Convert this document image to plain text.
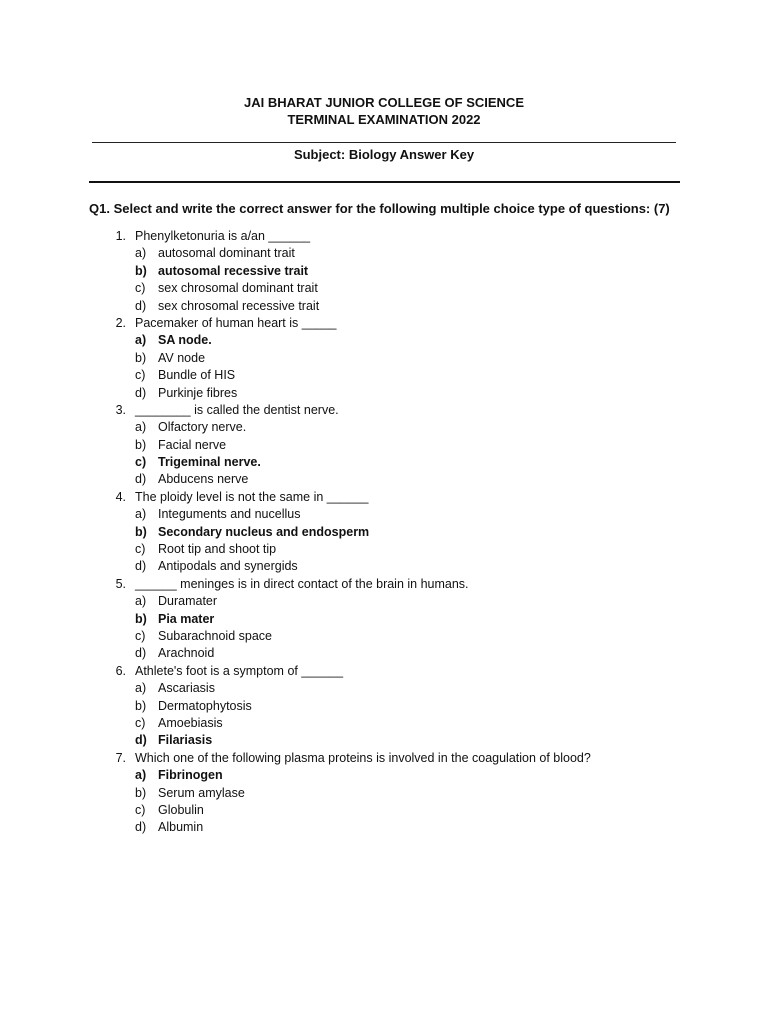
JAI BHARAT JUNIOR COLLEGE OF SCIENCE
TERMINAL EXAMINATION 2022
Subject: Biology Answer Key
Q1. Select and write the correct answer for the following multiple choice type of questions: (7)
1. Phenylketonuria is a/an ______
a) autosomal dominant trait
b) autosomal recessive trait
c) sex chrosomal dominant trait
d) sex chrosomal recessive trait
2. Pacemaker of human heart is _____
a) SA node.
b) AV node
c) Bundle of HIS
d) Purkinje fibres
3. ________ is called the dentist nerve.
a) Olfactory nerve.
b) Facial nerve
c) Trigeminal nerve.
d) Abducens nerve
4. The ploidy level is not the same in ______
a) Integuments and nucellus
b) Secondary nucleus and endosperm
c) Root tip and shoot tip
d) Antipodals and synergids
5. ______ meninges is in direct contact of the brain in humans.
a) Duramater
b) Pia mater
c) Subarachnoid space
d) Arachnoid
6. Athlete's foot is a symptom of ______
a) Ascariasis
b) Dermatophytosis
c) Amoebiasis
d) Filariasis
7. Which one of the following plasma proteins is involved in the coagulation of blood?
a) Fibrinogen
b) Serum amylase
c) Globulin
d) Albumin
